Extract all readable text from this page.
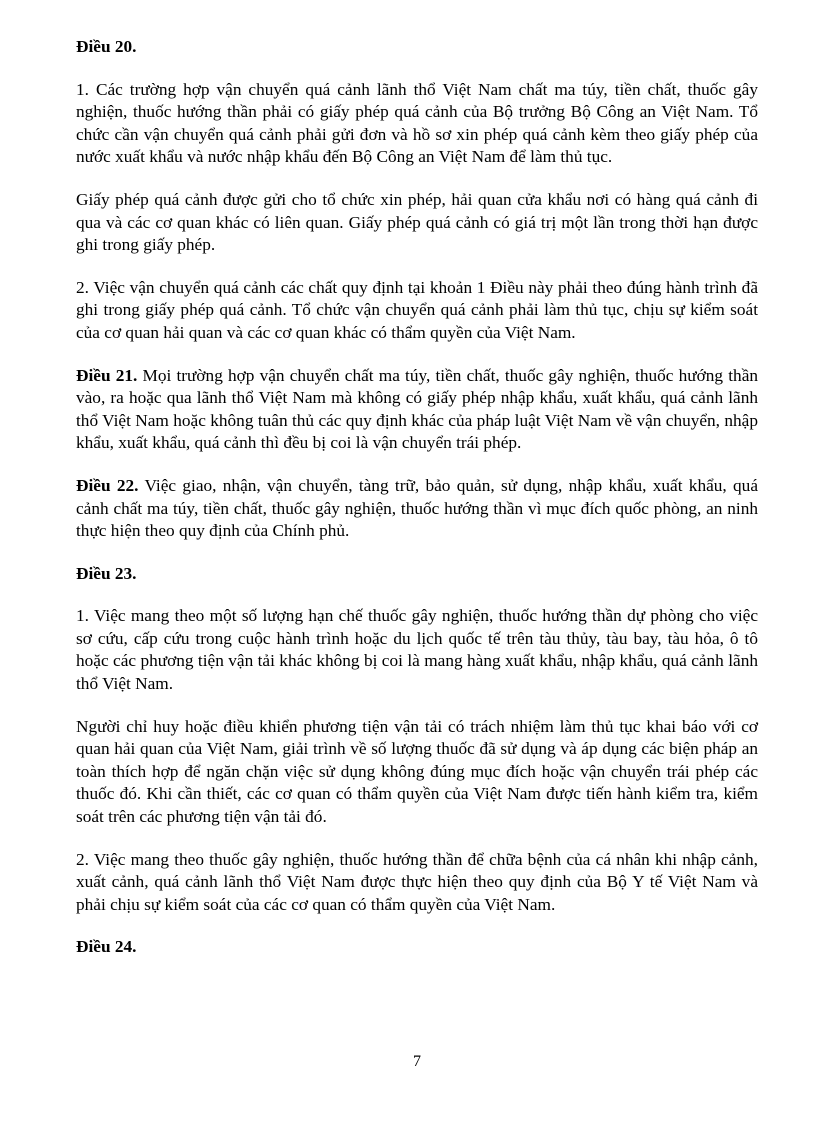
Điều 20.

1. Các trường hợp vận chuyển quá cảnh lãnh thổ Việt Nam chất ma túy, tiền chất, thuốc gây nghiện, thuốc hướng thần phải có giấy phép quá cảnh của Bộ trưởng Bộ Công an Việt Nam. Tổ chức cần vận chuyển quá cảnh phải gửi đơn và hồ sơ xin phép quá cảnh kèm theo giấy phép của nước xuất khẩu và nước nhập khẩu đến Bộ Công an Việt Nam để làm thủ tục.

Giấy phép quá cảnh được gửi cho tổ chức xin phép, hải quan cửa khẩu nơi có hàng quá cảnh đi qua và các cơ quan khác có liên quan. Giấy phép quá cảnh có giá trị một lần trong thời hạn được ghi trong giấy phép.

2. Việc vận chuyển quá cảnh các chất quy định tại khoản 1 Điều này phải theo đúng hành trình đã ghi trong giấy phép quá cảnh. Tổ chức vận chuyển quá cảnh phải làm thủ tục, chịu sự kiểm soát của cơ quan hải quan và các cơ quan khác có thẩm quyền của Việt Nam.

Điều 21. Mọi trường hợp vận chuyển chất ma túy, tiền chất, thuốc gây nghiện, thuốc hướng thần vào, ra hoặc qua lãnh thổ Việt Nam mà không có giấy phép nhập khẩu, xuất khẩu, quá cảnh lãnh thổ Việt Nam hoặc không tuân thủ các quy định khác của pháp luật Việt Nam về vận chuyển, nhập khẩu, xuất khẩu, quá cảnh thì đều bị coi là vận chuyển trái phép.

Điều 22. Việc giao, nhận, vận chuyển, tàng trữ, bảo quản, sử dụng, nhập khẩu, xuất khẩu, quá cảnh chất ma túy, tiền chất, thuốc gây nghiện, thuốc hướng thần vì mục đích quốc phòng, an ninh thực hiện theo quy định của Chính phủ.

Điều 23.

1. Việc mang theo một số lượng hạn chế thuốc gây nghiện, thuốc hướng thần dự phòng cho việc sơ cứu, cấp cứu trong cuộc hành trình hoặc du lịch quốc tế trên tàu thủy, tàu bay, tàu hỏa, ô tô hoặc các phương tiện vận tải khác không bị coi là mang hàng xuất khẩu, nhập khẩu, quá cảnh lãnh thổ Việt Nam.

Người chỉ huy hoặc điều khiển phương tiện vận tải có trách nhiệm làm thủ tục khai báo với cơ quan hải quan của Việt Nam, giải trình về số lượng thuốc đã sử dụng và áp dụng các biện pháp an toàn thích hợp để ngăn chặn việc sử dụng không đúng mục đích hoặc vận chuyển trái phép các thuốc đó. Khi cần thiết, các cơ quan có thẩm quyền của Việt Nam được tiến hành kiểm tra, kiểm soát trên các phương tiện vận tải đó.

2. Việc mang theo thuốc gây nghiện, thuốc hướng thần để chữa bệnh của cá nhân khi nhập cảnh, xuất cảnh, quá cảnh lãnh thổ Việt Nam được thực hiện theo quy định của Bộ Y tế Việt Nam và phải chịu sự kiểm soát của các cơ quan có thẩm quyền của Việt Nam.

Điều 24.

7
